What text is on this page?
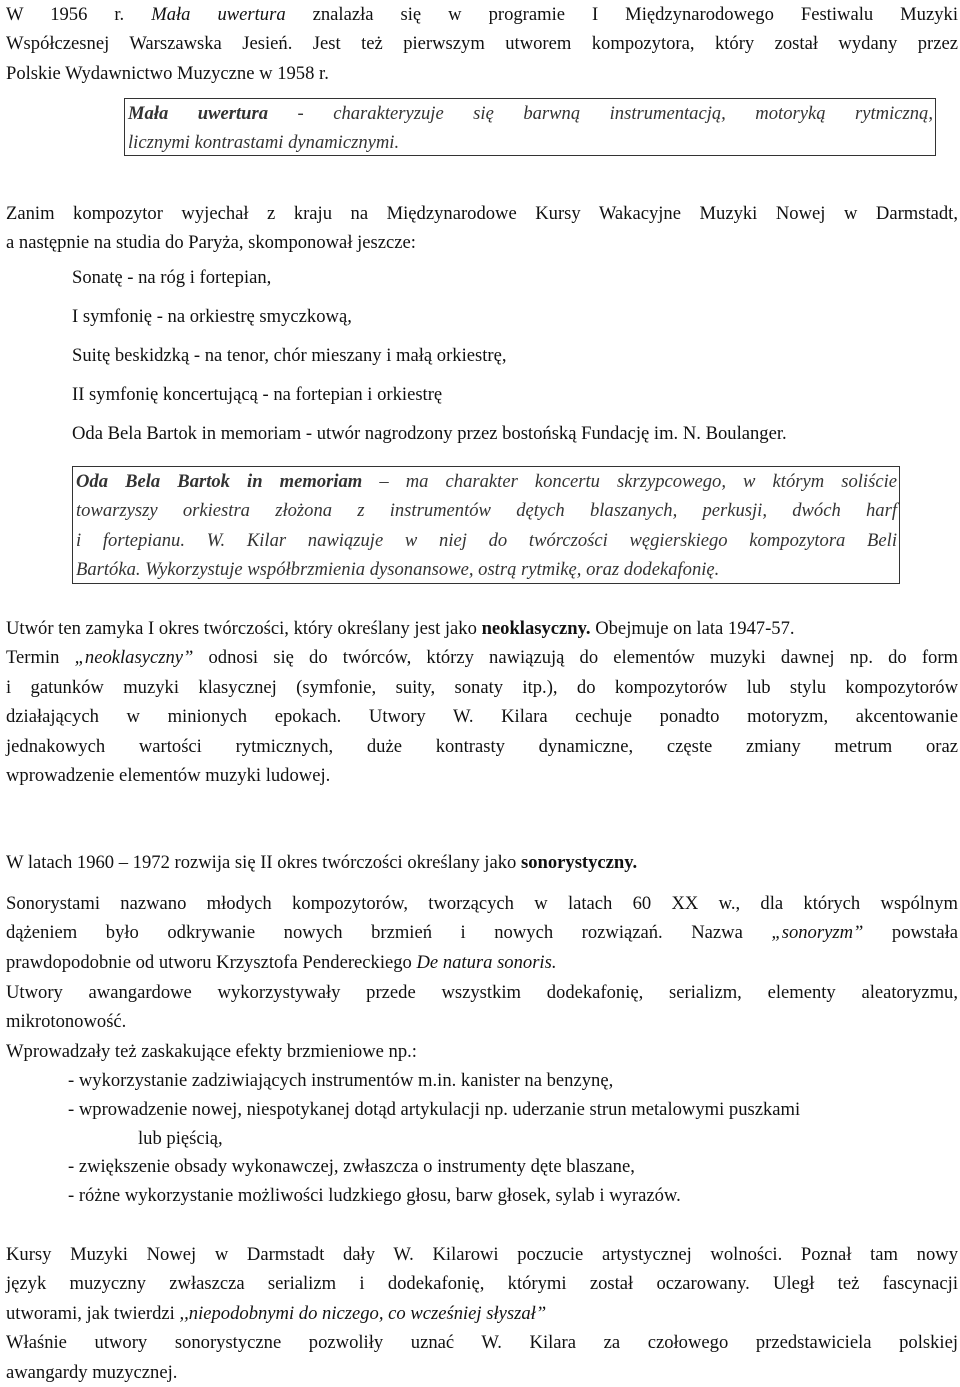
W 1956 r. Mała uwertura znalazła się w programie I Międzynarodowego Festiwalu Muzyki
Współczesnej Warszawska Jesień. Jest też pierwszym utworem kompozytora, który został wydany przez
Polskie Wydawnictwo Muzyczne w 1958 r.
Mała uwertura - charakteryzuje się barwną instrumentacją, motoryką rytmiczną,
licznymi kontrastami dynamicznymi.
Zanim kompozytor wyjechał z kraju na Międzynarodowe Kursy Wakacyjne Muzyki Nowej w Darmstadt,
a następnie na studia do Paryża, skomponował jeszcze:
Sonatę - na róg i fortepian,
I symfonię - na orkiestrę smyczkową,
Suitę beskidzką - na tenor, chór mieszany i małą orkiestrę,
II symfonię koncertującą - na fortepian i orkiestrę
Oda Bela Bartok in memoriam - utwór nagrodzony przez bostońską Fundację im. N. Boulanger.
Oda Bela Bartok in memoriam – ma charakter koncertu skrzypcowego, w którym soliście
towarzyszy orkiestra złożona z instrumentów dętych blaszanych, perkusji, dwóch harf
i fortepianu. W. Kilar nawiązuje w niej do twórczości węgierskiego kompozytora Beli
Bartóka. Wykorzystuje współbrzmienia dysonansowe, ostrą rytmikę, oraz dodekafonię.
Utwór ten zamyka I okres twórczości, który określany jest jako neoklasyczny. Obejmuje on lata 1947-57.
Termin „neoklasyczny” odnosi się do twórców, którzy nawiązują do elementów muzyki dawnej np. do form
i gatunków muzyki klasycznej (symfonie, suity, sonaty itp.), do kompozytorów lub stylu kompozytorów
działających w minionych epokach. Utwory W. Kilara cechuje ponadto motoryzm, akcentowanie
jednakowych wartości rytmicznych, duże kontrasty dynamiczne, częste zmiany metrum oraz
wprowadzenie elementów muzyki ludowej.
W latach 1960 – 1972 rozwija się II okres twórczości określany jako sonorystyczny.
Sonorystami nazwano młodych kompozytorów, tworzących w latach 60 XX w., dla których wspólnym
dążeniem było odkrywanie nowych brzmień i nowych rozwiązań. Nazwa „sonoryzm” powstała
prawdopodobnie od utworu Krzysztofa Pendereckiego De natura sonoris.
Utwory awangardowe wykorzystywały przede wszystkim dodekafonię, serializm, elementy aleatoryzmu,
mikrotonowość.
Wprowadzały też zaskakujące efekty brzmieniowe np.:
- wykorzystanie zadziwiających instrumentów m.in. kanister na benzynę,
- wprowadzenie nowej, niespotykanej dotąd artykulacji np. uderzanie strun metalowymi puszkami
lub pięścią,
- zwiększenie obsady wykonawczej, zwłaszcza o instrumenty dęte blaszane,
- różne wykorzystanie możliwości ludzkiego głosu, barw głosek, sylab i wyrazów.
Kursy Muzyki Nowej w Darmstadt dały W. Kilarowi poczucie artystycznej wolności. Poznał tam nowy
język muzyczny zwłaszcza serializm i dodekafonię, którymi został oczarowany. Uległ też fascynacji
utworami, jak twierdzi ,,niepodobnymi do niczego, co wcześniej słyszał”
Właśnie utwory sonorystyczne pozwoliły uznać W. Kilara za czołowego przedstawiciela polskiej
awangardy muzycznej.
